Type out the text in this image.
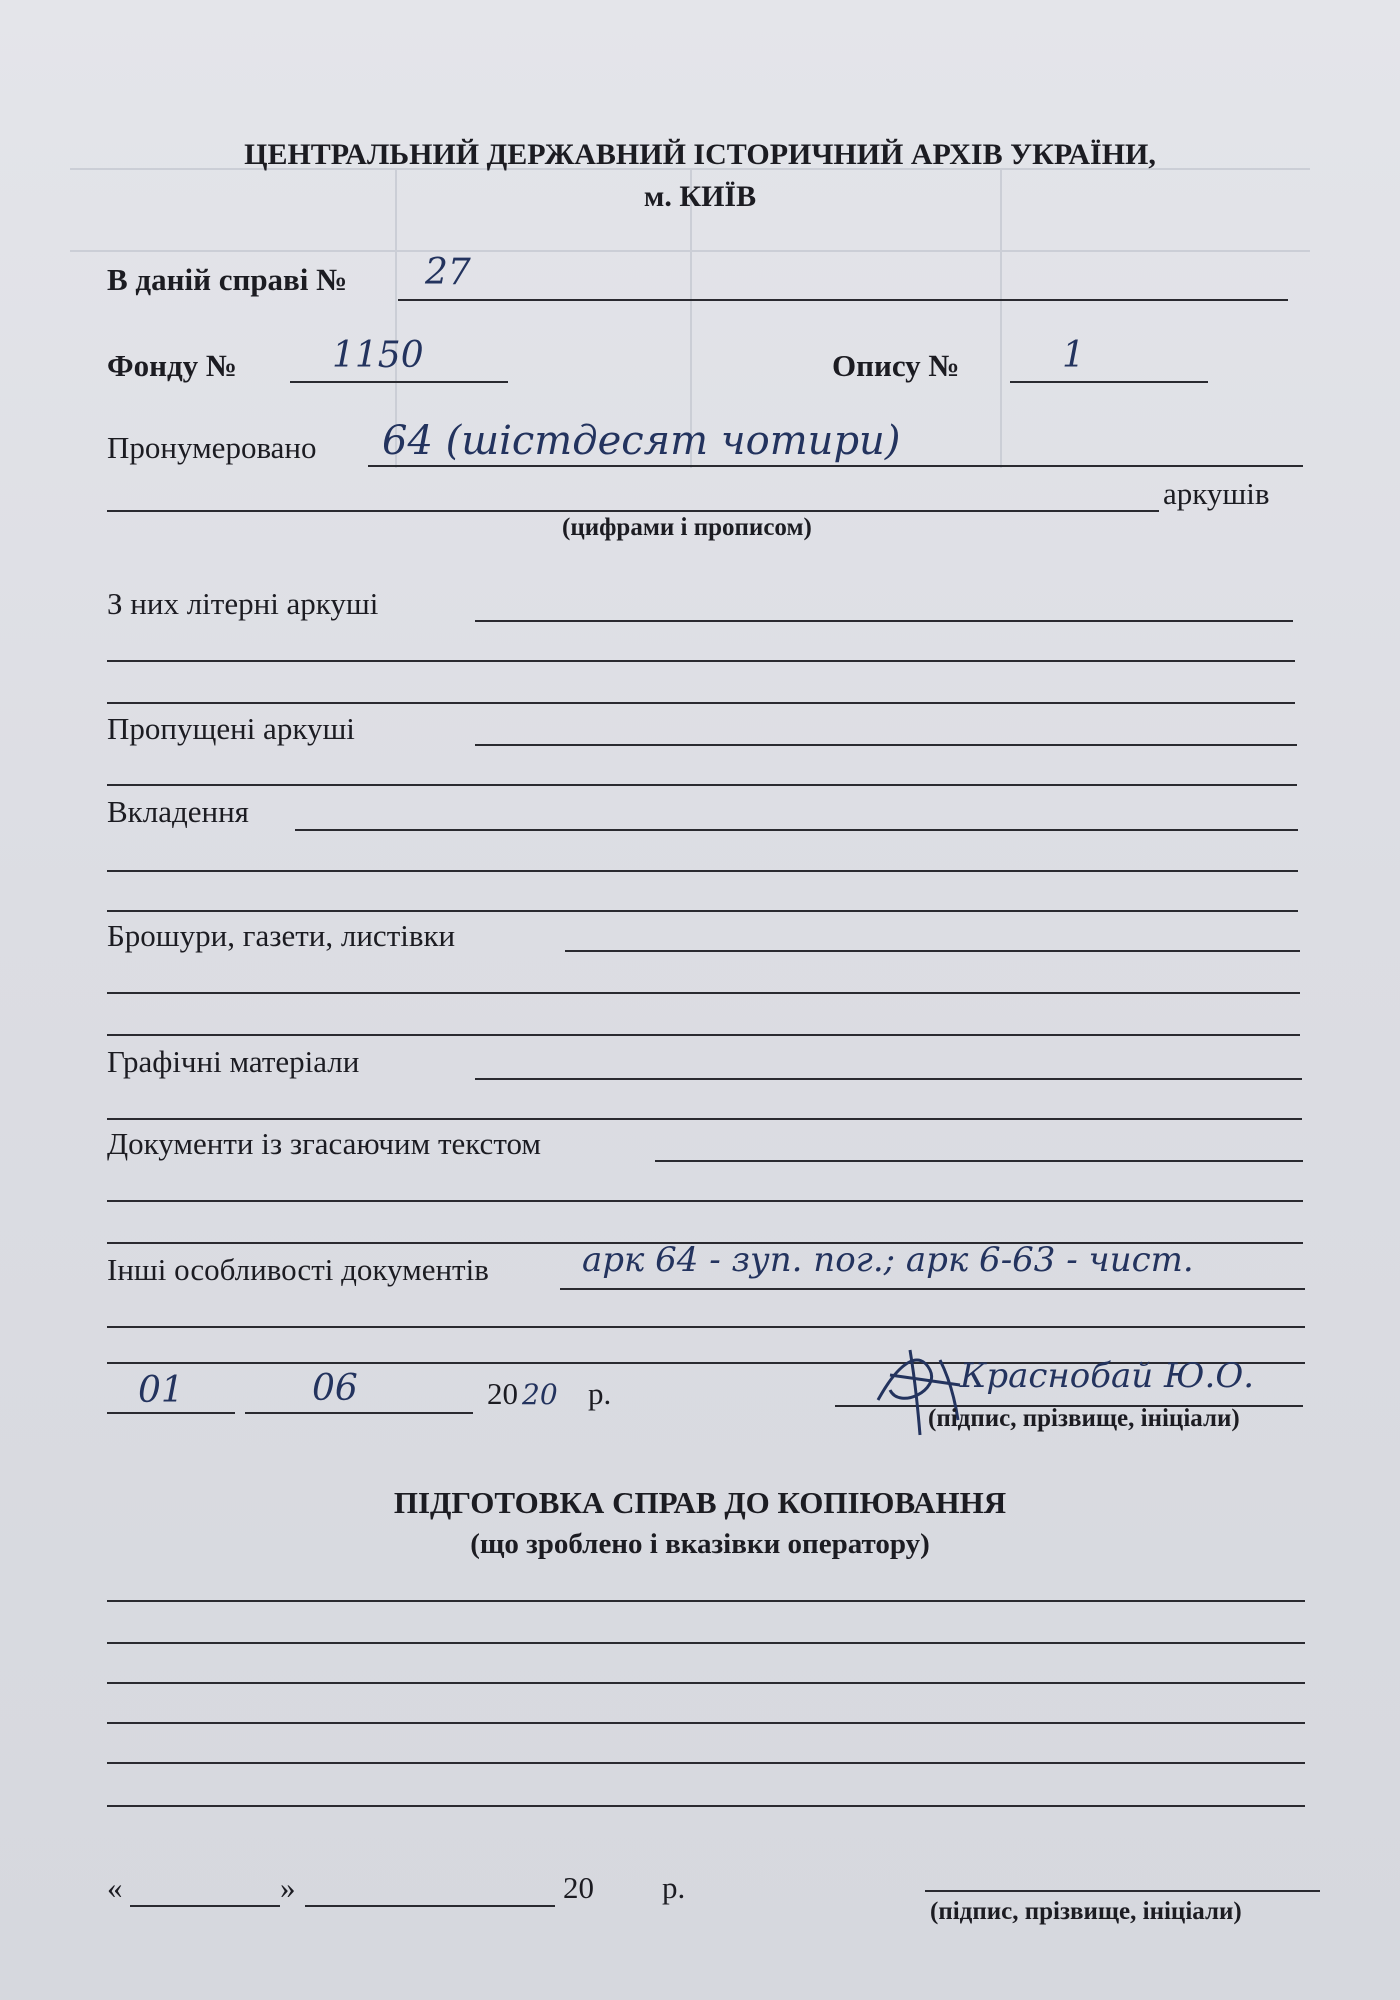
ЦЕНТРАЛЬНИЙ ДЕРЖАВНИЙ ІСТОРИЧНИЙ АРХІВ УКРАЇНИ,
м. КИЇВ
В даній справі № 27
Фонду №	1150	Опису №	1
Пронумеровано 64 (шістдесят чотири)
аркушів
(цифрами і прописом)
З них літерні аркуші
Пропущені аркуші
Вкладення
Брошури, газети, листівки
Графічні матеріали
Документи із згасаючим текстом
Інші особливості документів	арк 64 - зуп. пог.; арк 6-63 - чист.
01	06	20 20 р.	Краснобай Ю.О.
(підпис, прізвище, ініціали)
ПІДГОТОВКА СПРАВ ДО КОПІЮВАННЯ
(що зроблено і вказівки оператору)
«	»	20 р.
(підпис, прізвище, ініціали)
